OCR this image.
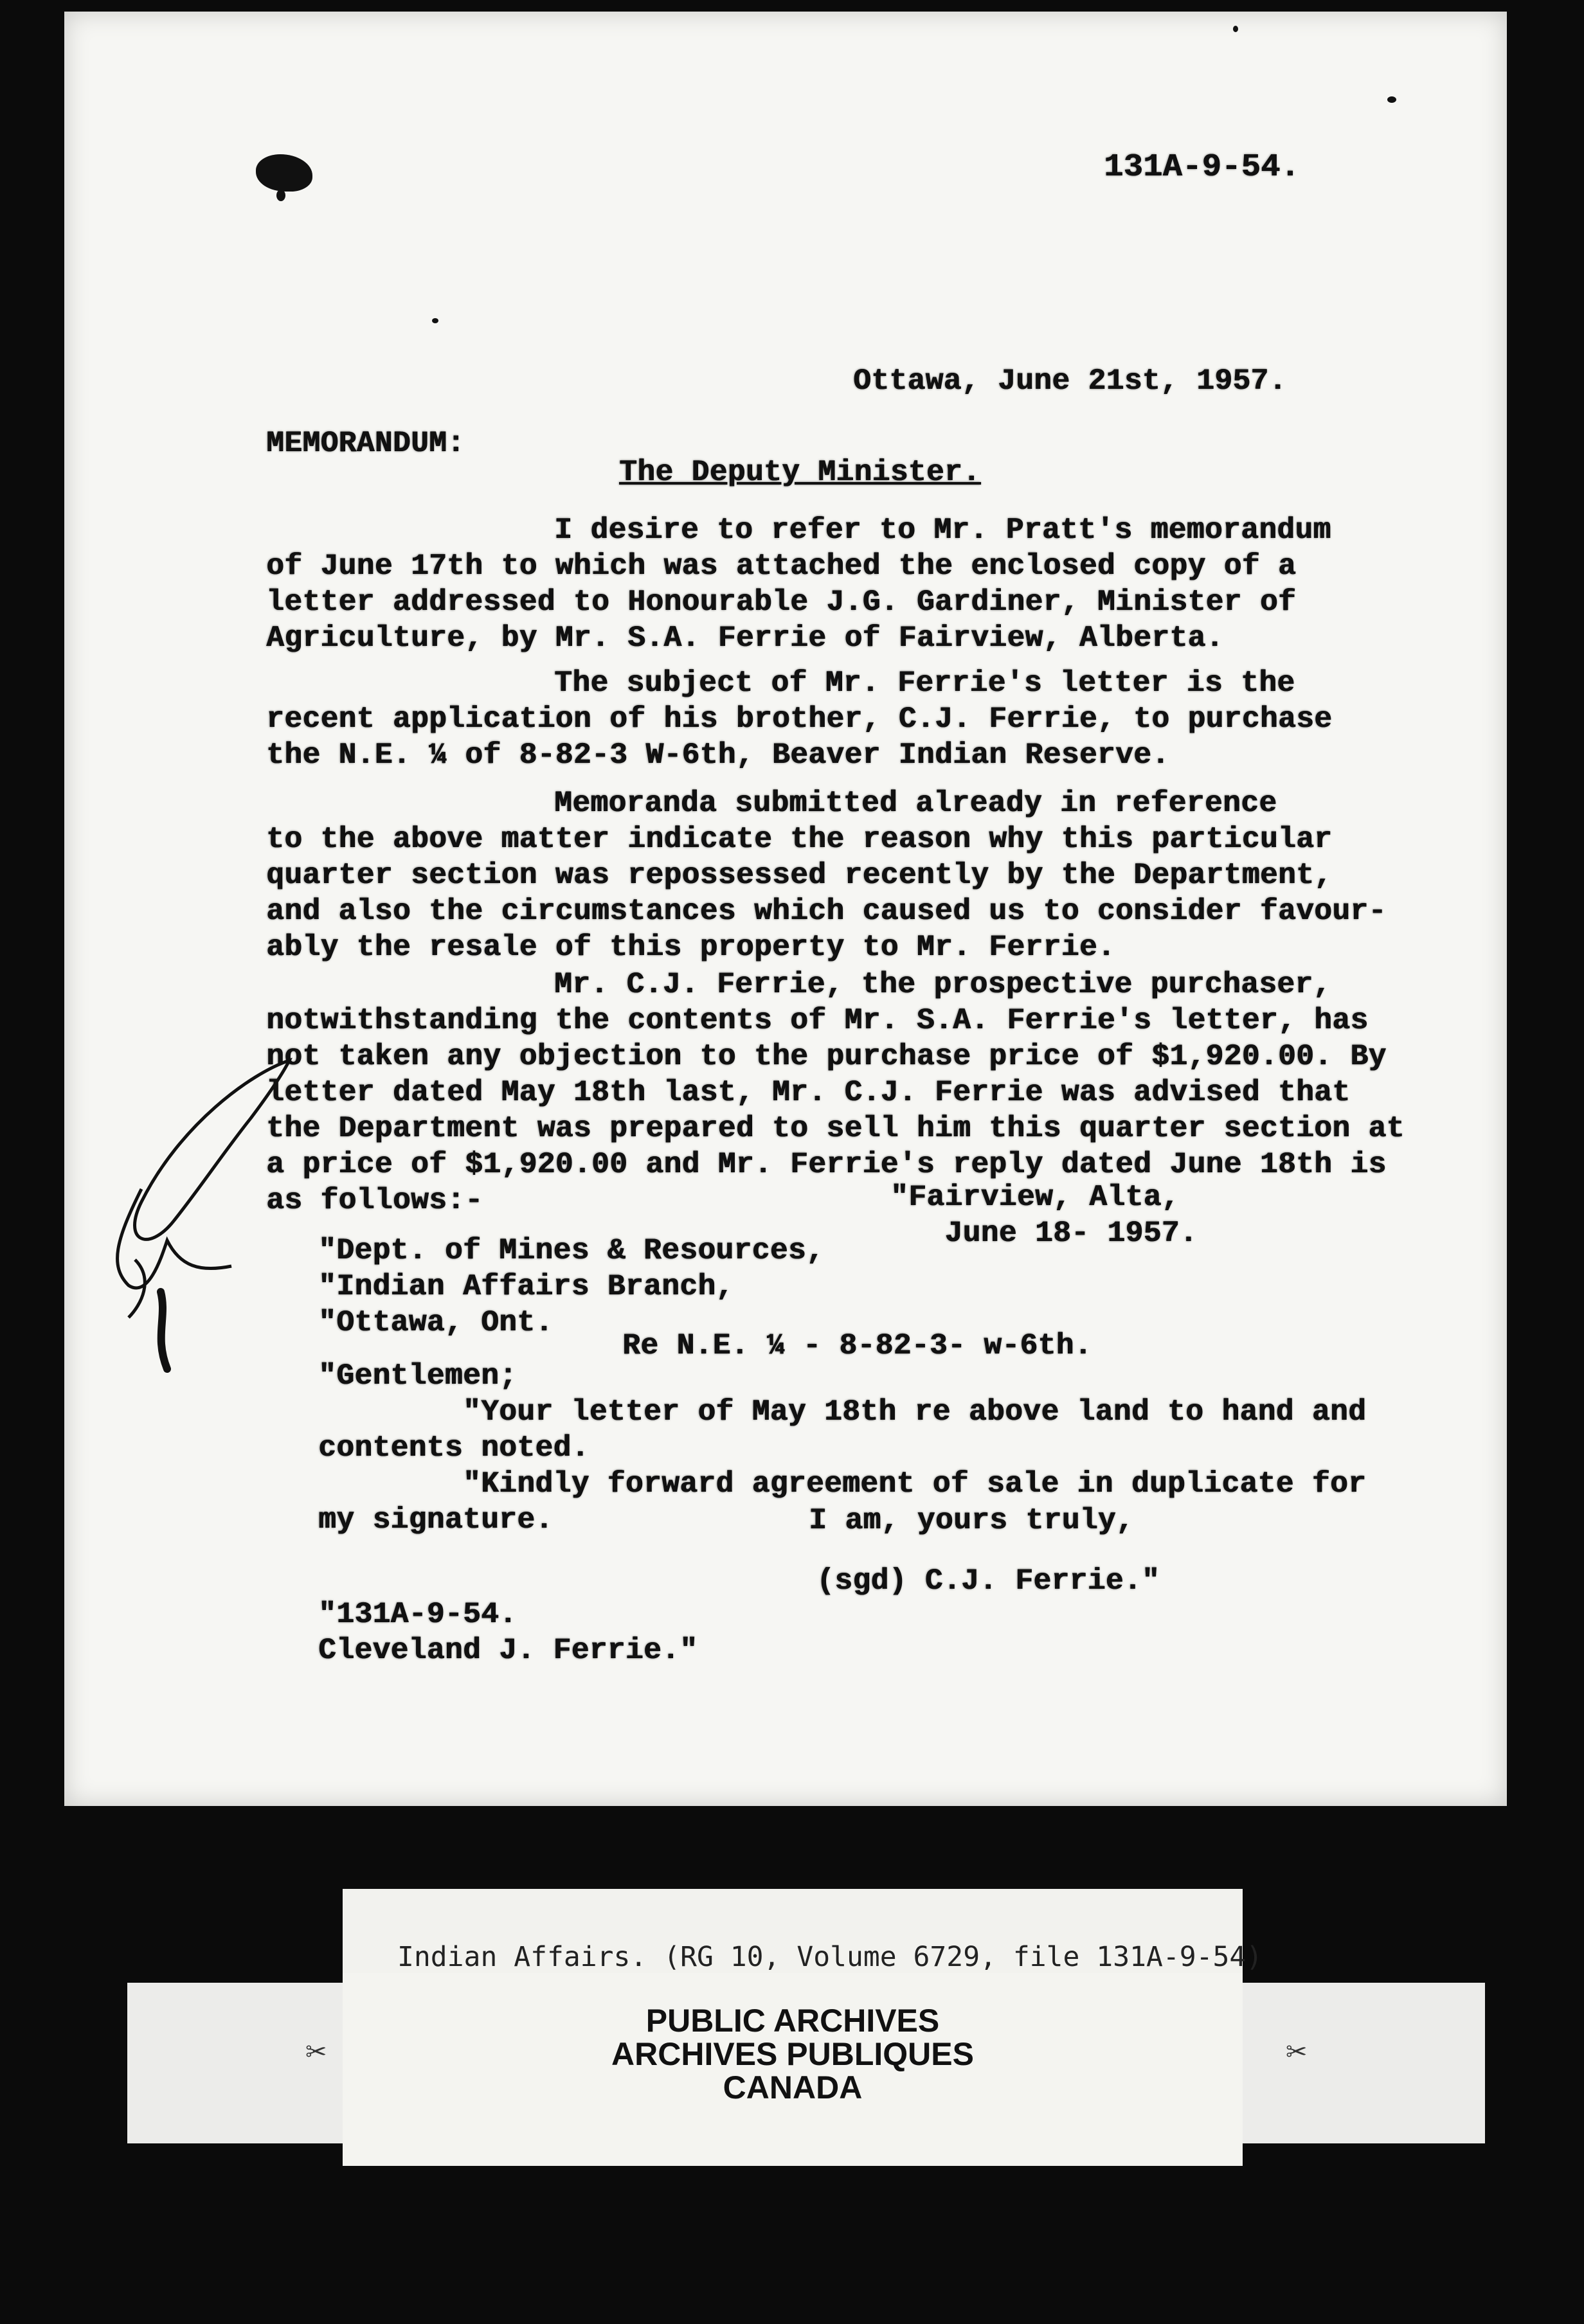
131A-9-54.
Ottawa, June 21st, 1957.
MEMORANDUM:
The Deputy Minister.
I desire to refer to Mr. Pratt's memorandum
of June 17th to which was attached the enclosed copy of a
letter addressed to Honourable J.G. Gardiner, Minister of
Agriculture, by Mr. S.A. Ferrie of Fairview, Alberta.
The subject of Mr. Ferrie's letter is the
recent application of his brother, C.J. Ferrie, to purchase
the N.E. ¼ of 8-82-3 W-6th, Beaver Indian Reserve.
Memoranda submitted already in reference
to the above matter indicate the reason why this particular
quarter section was repossessed recently by the Department,
and also the circumstances which caused us to consider favour-
ably the resale of this property to Mr. Ferrie.
Mr. C.J. Ferrie, the prospective purchaser,
notwithstanding the contents of Mr. S.A. Ferrie's letter, has
not taken any objection to the purchase price of $1,920.00. By
letter dated May 18th last, Mr. C.J. Ferrie was advised that
the Department was prepared to sell him this quarter section at
a price of $1,920.00 and Mr. Ferrie's reply dated June 18th is
as follows:-	"Fairview, Alta,
June 18- 1957.
"Dept. of Mines & Resources,
"Indian Affairs Branch,
"Ottawa, Ont.
Re N.E. ¼ - 8-82-3- w-6th.
"Gentlemen;
"Your letter of May 18th re above land to hand and
contents noted.
"Kindly forward agreement of sale in duplicate for
my signature.	I am, yours truly,
(sgd) C.J. Ferrie."
"131A-9-54.
Cleveland J. Ferrie."
✂	✂
Indian Affairs. (RG 10, Volume 6729, file 131A-9-54)
PUBLIC ARCHIVES
ARCHIVES PUBLIQUES
CANADA
